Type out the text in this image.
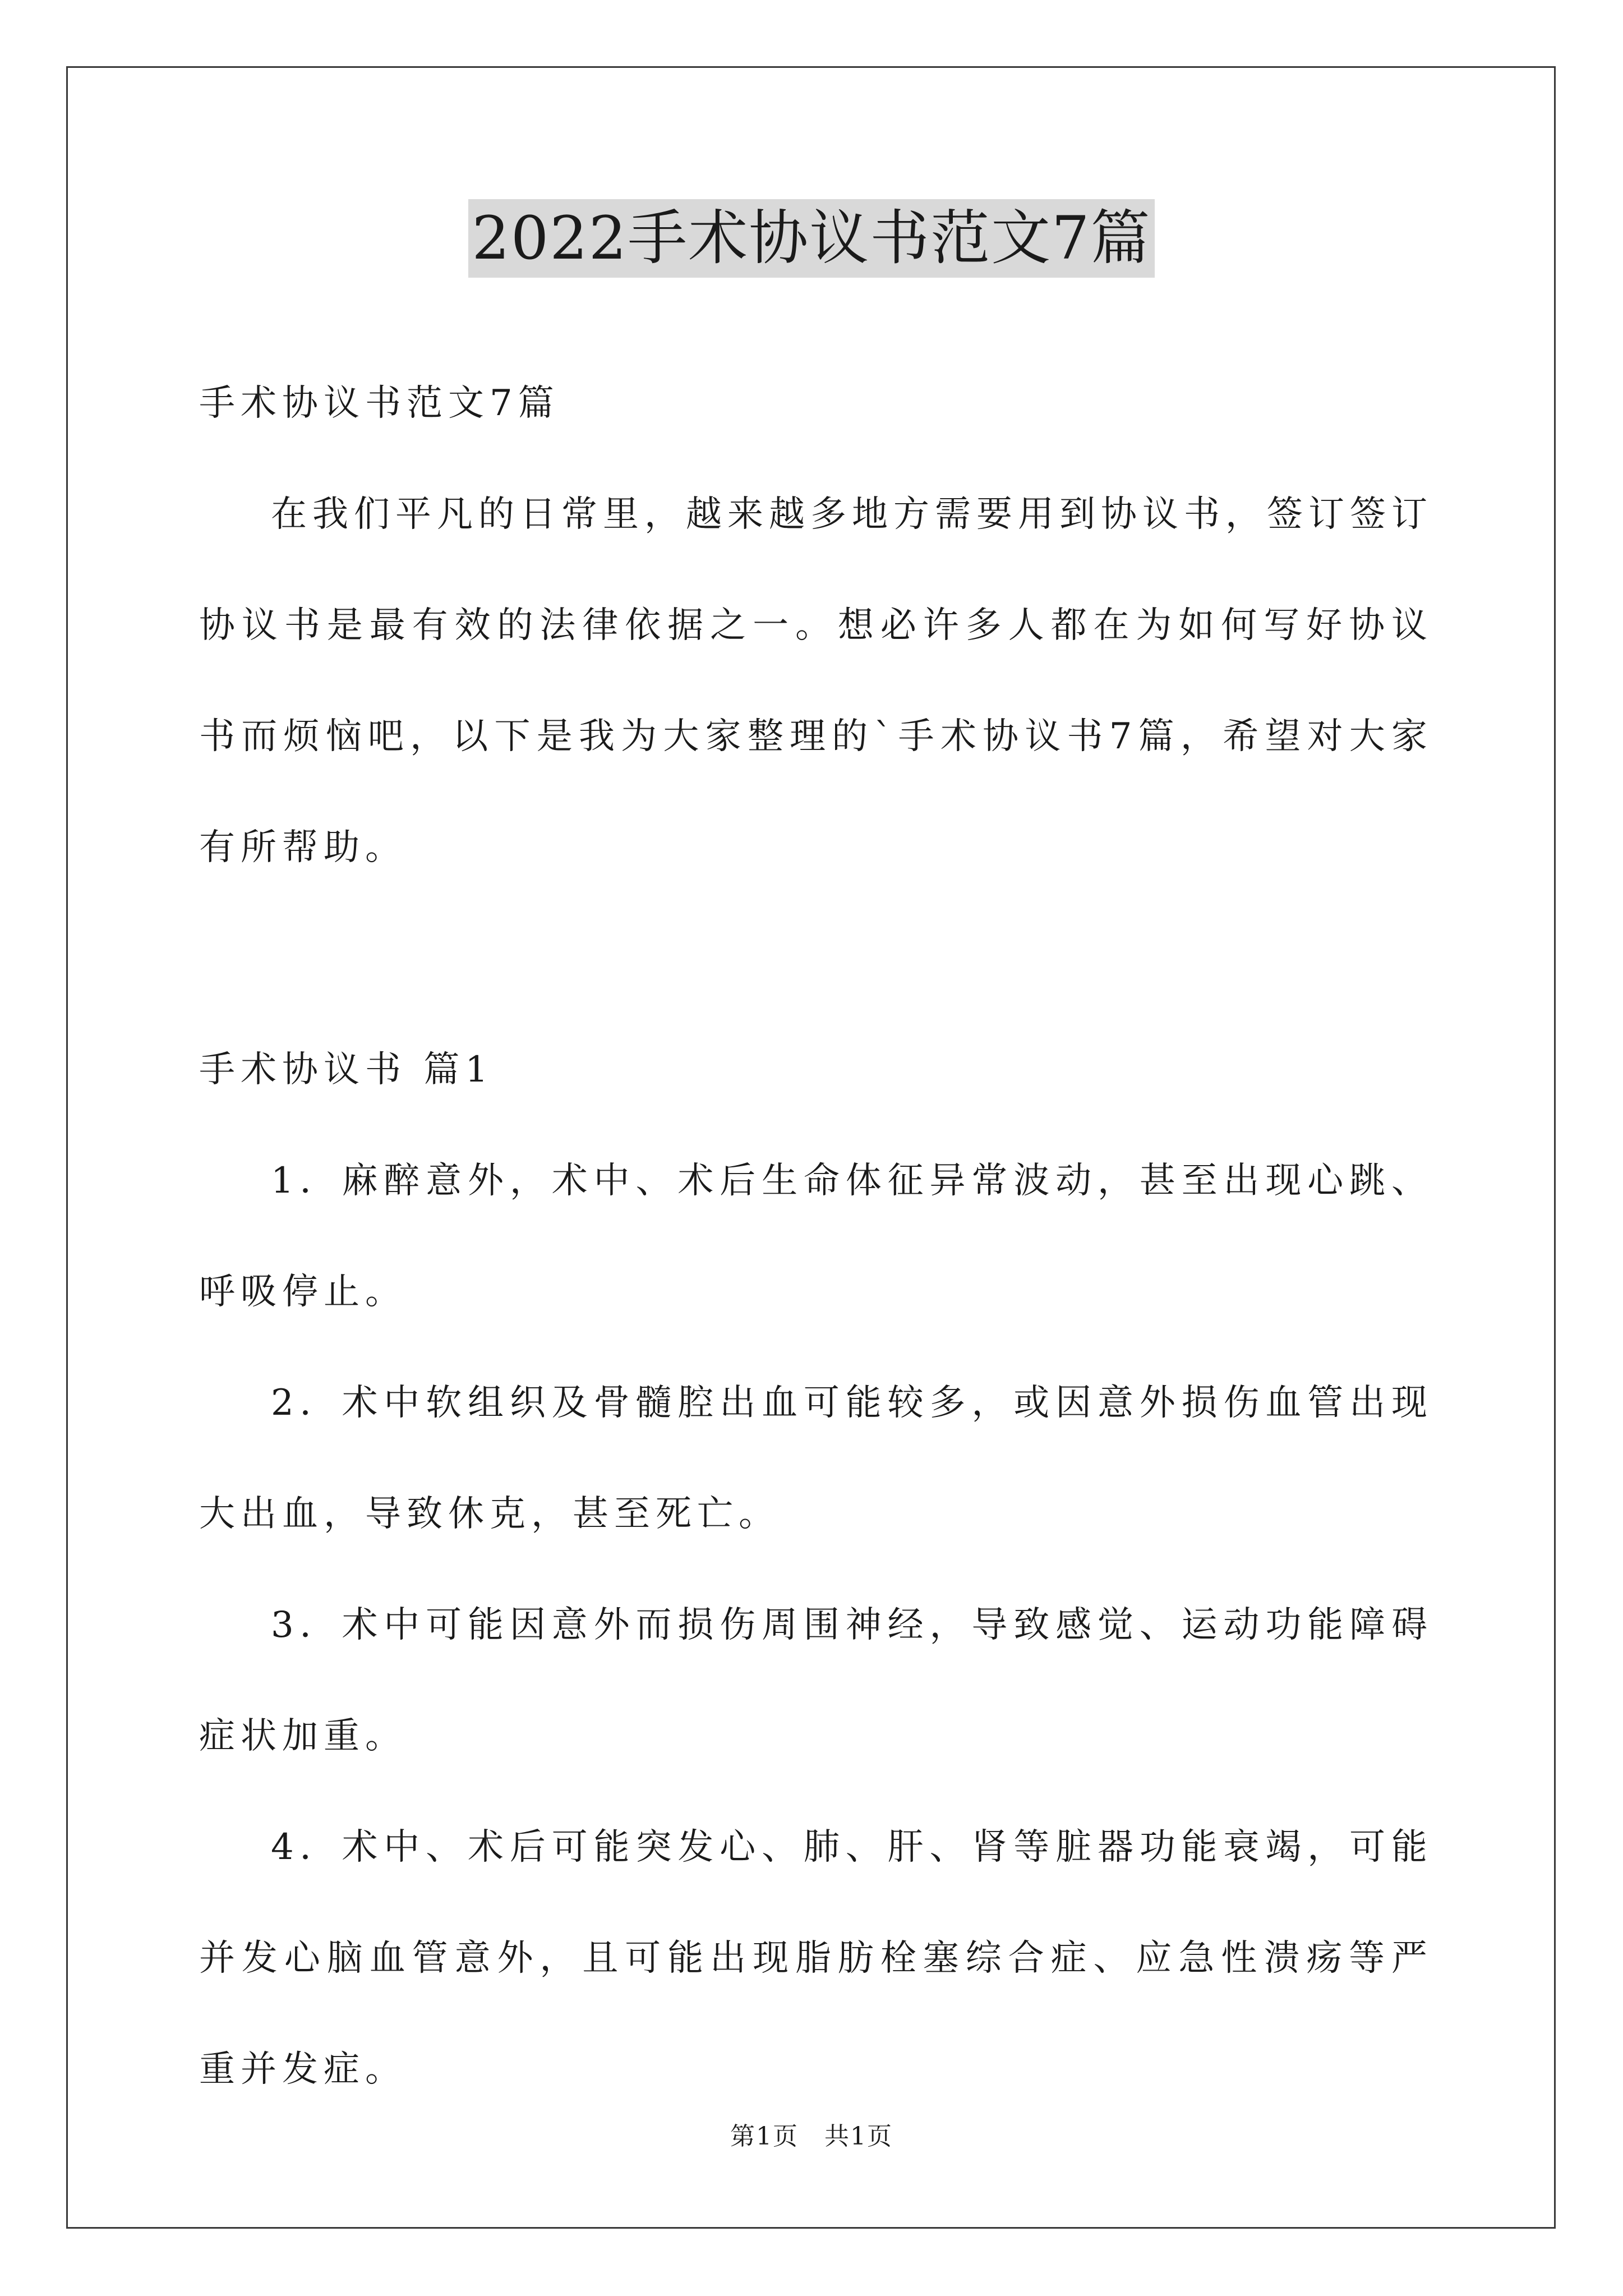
2022手术协议书范文7篇
手术协议书范文7篇

在我们平凡的日常里，越来越多地方需要用到协议书，签订签订协议书是最有效的法律依据之一。想必许多人都在为如何写好协议书而烦恼吧，以下是我为大家整理的`手术协议书7篇，希望对大家有所帮助。

手术协议书 篇1

1．麻醉意外，术中、术后生命体征异常波动，甚至出现心跳、呼吸停止。

2．术中软组织及骨髓腔出血可能较多，或因意外损伤血管出现大出血，导致休克，甚至死亡。

3．术中可能因意外而损伤周围神经，导致感觉、运动功能障碍症状加重。

4．术中、术后可能突发心、肺、肝、肾等脏器功能衰竭，可能并发心脑血管意外，且可能出现脂肪栓塞综合症、应急性溃疡等严重并发症。

第1页　共1页
